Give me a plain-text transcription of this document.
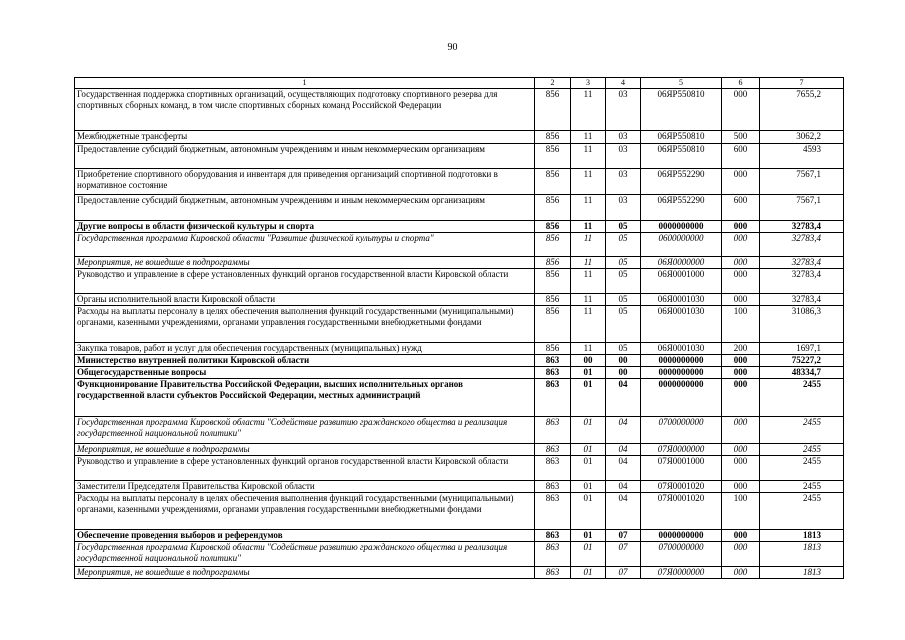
90
1	2	3	4	5	6	7
Государственная поддержка спортивных организаций, осуществляющих подготовку спортивного резерва для спортивных сборных команд, в том числе спортивных сборных команд Российской Федерации	856	11	03	06ЯР550810	000	7655,2
Межбюджетные трансферты	856	11	03	06ЯР550810	500	3062,2
Предоставление субсидий бюджетным, автономным учреждениям и иным некоммерческим организациям	856	11	03	06ЯР550810	600	4593
Приобретение спортивного оборудования и инвентаря для приведения организаций спортивной подготовки в нормативное состояние	856	11	03	06ЯР552290	000	7567,1
Предоставление субсидий бюджетным, автономным учреждениям и иным некоммерческим организациям	856	11	03	06ЯР552290	600	7567,1
Другие вопросы в области физической культуры и спорта	856	11	05	0000000000	000	32783,4
Государственная программа Кировской области "Развитие физической культуры и спорта"	856	11	05	0600000000	000	32783,4
Мероприятия, не вошедшие в подпрограммы	856	11	05	06Я0000000	000	32783,4
Руководство и управление в сфере установленных функций органов государственной власти Кировской области	856	11	05	06Я0001000	000	32783,4
Органы исполнительной власти Кировской области	856	11	05	06Я0001030	000	32783,4
Расходы на выплаты персоналу в целях обеспечения выполнения функций государственными (муниципальными) органами, казенными учреждениями, органами управления государственными внебюджетными фондами	856	11	05	06Я0001030	100	31086,3
Закупка товаров, работ и услуг для обеспечения государственных (муниципальных) нужд	856	11	05	06Я0001030	200	1697,1
Министерство внутренней политики Кировской области	863	00	00	0000000000	000	75227,2
Общегосударственные вопросы	863	01	00	0000000000	000	48334,7
Функционирование Правительства Российской Федерации, высших исполнительных органов государственной власти субъектов Российской Федерации, местных администраций	863	01	04	0000000000	000	2455
Государственная программа Кировской области "Содействие развитию гражданского общества и реализация государственной национальной политики"	863	01	04	0700000000	000	2455
Мероприятия, не вошедшие в подпрограммы	863	01	04	07Я0000000	000	2455
Руководство и управление в сфере установленных функций органов государственной власти Кировской области	863	01	04	07Я0001000	000	2455
Заместители Председателя Правительства Кировской области	863	01	04	07Я0001020	000	2455
Расходы на выплаты персоналу в целях обеспечения выполнения функций государственными (муниципальными) органами, казенными учреждениями, органами управления государственными внебюджетными фондами	863	01	04	07Я0001020	100	2455
Обеспечение проведения выборов и референдумов	863	01	07	0000000000	000	1813
Государственная программа Кировской области "Содействие развитию гражданского общества и реализация государственной национальной политики"	863	01	07	0700000000	000	1813
Мероприятия, не вошедшие в подпрограммы	863	01	07	07Я0000000	000	1813
